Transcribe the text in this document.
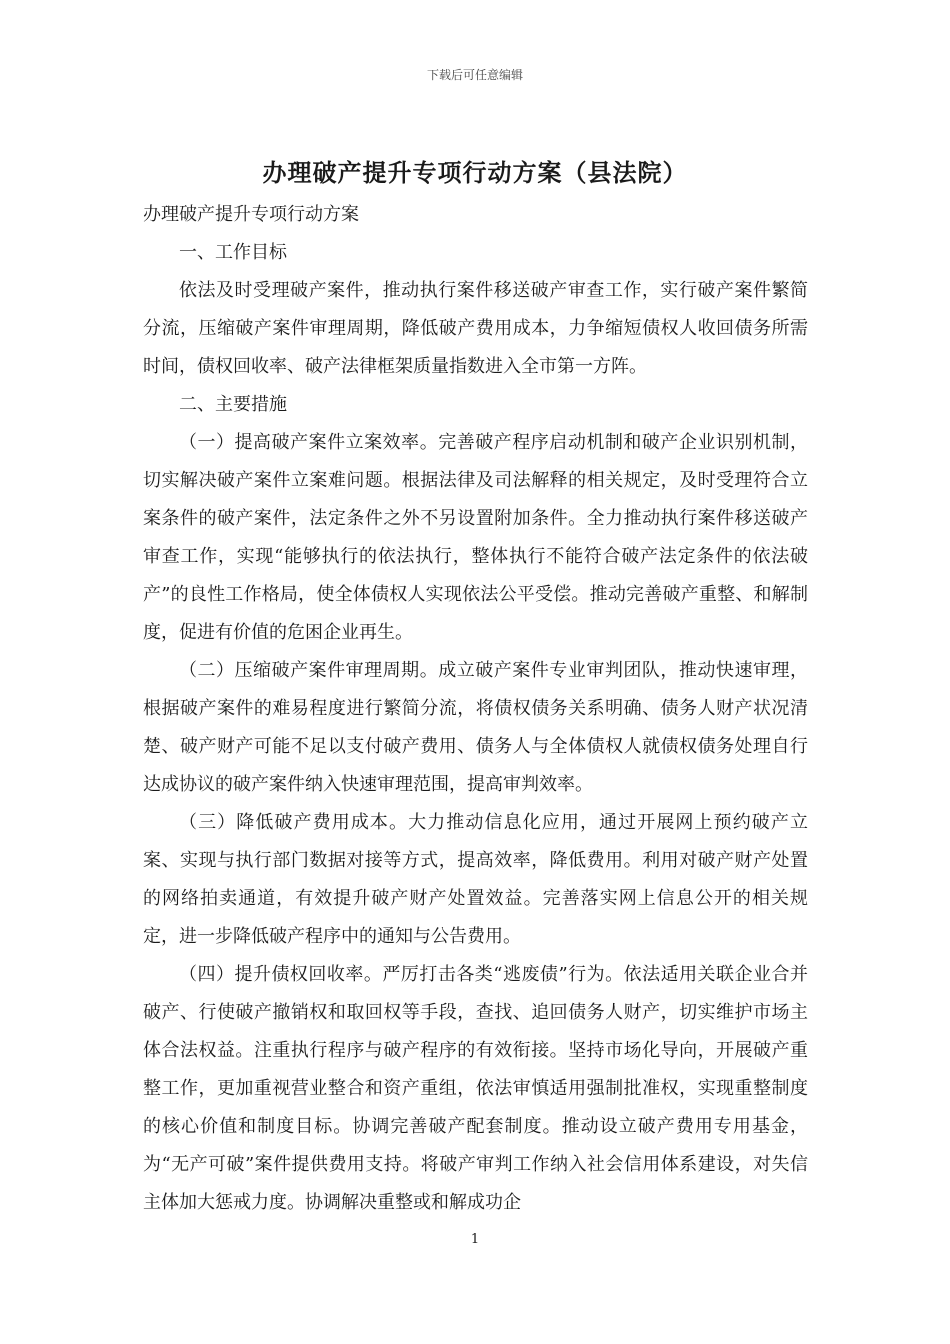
下载后可任意编辑
办理破产提升专项行动方案（县法院）

办理破产提升专项行动方案

一、工作目标

依法及时受理破产案件，推动执行案件移送破产审查工作，实行破产案件繁简分流，压缩破产案件审理周期，降低破产费用成本，力争缩短债权人收回债务所需时间，债权回收率、破产法律框架质量指数进入全市第一方阵。

二、主要措施

（一）提高破产案件立案效率。完善破产程序启动机制和破产企业识别机制，切实解决破产案件立案难问题。根据法律及司法解释的相关规定，及时受理符合立案条件的破产案件，法定条件之外不另设置附加条件。全力推动执行案件移送破产审查工作，实现“能够执行的依法执行，整体执行不能符合破产法定条件的依法破产”的良性工作格局，使全体债权人实现依法公平受偿。推动完善破产重整、和解制度，促进有价值的危困企业再生。

（二）压缩破产案件审理周期。成立破产案件专业审判团队，推动快速审理，根据破产案件的难易程度进行繁简分流，将债权债务关系明确、债务人财产状况清楚、破产财产可能不足以支付破产费用、债务人与全体债权人就债权债务处理自行达成协议的破产案件纳入快速审理范围，提高审判效率。

（三）降低破产费用成本。大力推动信息化应用，通过开展网上预约破产立案、实现与执行部门数据对接等方式，提高效率，降低费用。利用对破产财产处置的网络拍卖通道，有效提升破产财产处置效益。完善落实网上信息公开的相关规定，进一步降低破产程序中的通知与公告费用。

（四）提升债权回收率。严厉打击各类“逃废债”行为。依法适用关联企业合并破产、行使破产撤销权和取回权等手段，查找、追回债务人财产，切实维护市场主体合法权益。注重执行程序与破产程序的有效衔接。坚持市场化导向，开展破产重整工作，更加重视营业整合和资产重组，依法审慎适用强制批准权，实现重整制度的核心价值和制度目标。协调完善破产配套制度。推动设立破产费用专用基金，为“无产可破”案件提供费用支持。将破产审判工作纳入社会信用体系建设，对失信主体加大惩戒力度。协调解决重整或和解成功企

1
